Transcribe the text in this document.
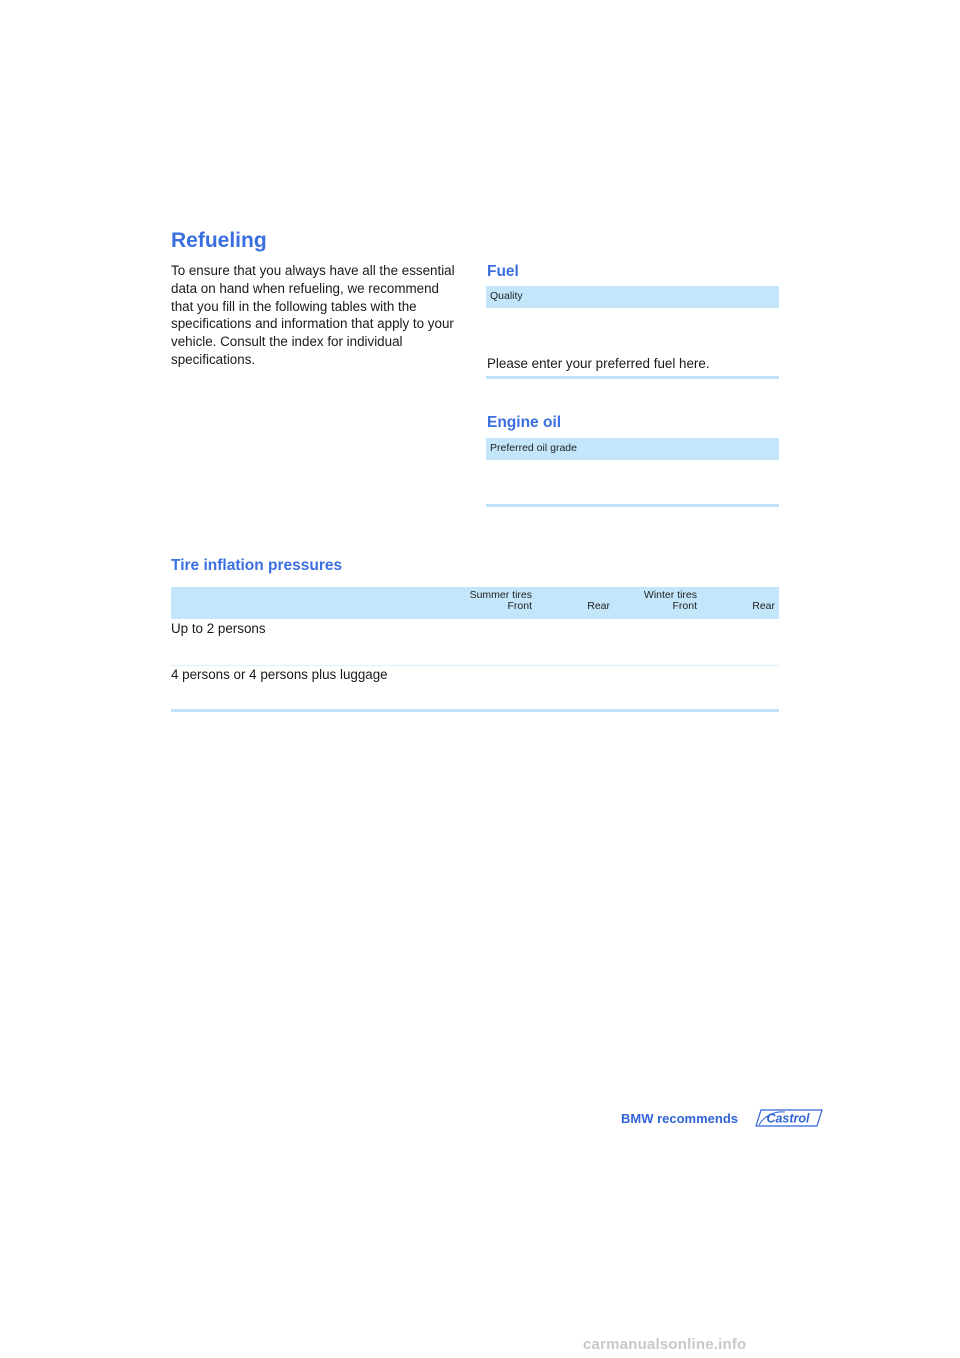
Refueling
To ensure that you always have all the essential data on hand when refueling, we recommend that you fill in the following tables with the specifications and information that apply to your vehicle. Consult the index for individual specifications.
Fuel
Quality
Please enter your preferred fuel here.
Engine oil
Preferred oil grade
Tire inflation pressures
Summer tires	Winter tires
Front	Rear	Front	Rear
Up to 2 persons
4 persons or 4 persons plus luggage
BMW recommends Castrol
carmanualsonline.info
